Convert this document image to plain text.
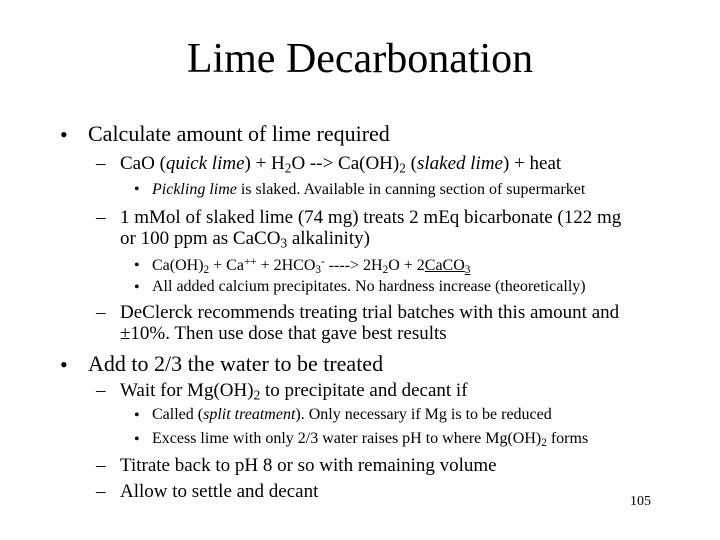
Lime Decarbonation
• Calculate amount of lime required
– CaO (quick $\lim e) + H_2O$ --> $Ca(OH)_2$ (slaked lime) + heat
• Pickling lime is slaked. Available in canning section of supermarket
– 1 mMol of slaked lime (74 mg) treats 2 mEq bicarbonate (122 mg
or 100 ppm as CaCO$_3$ alkalinity)
• $Ca(OH)_2 + Ca^{++} + 2HCO_3^-$ ----> $2H_2O$ + 2CaCO$_3$
• All added calcium precipitates. No hardness increase (theoretically)
– DeClerck recommends treating trial batches with this amount and
±10%. Then use dose that gave best results
• Add to 2/3 the water to be treated
– Wait for $Mg(OH)_2$ to precipitate and decant if
• Called (split treatment). Only necessary if Mg is to be reduced
• Excess lime with only 2/3 water raises pH to where $Mg(OH)_2$ forms
– Titrate back to pH 8 or so with remaining volume
– Allow to settle and decant	105
